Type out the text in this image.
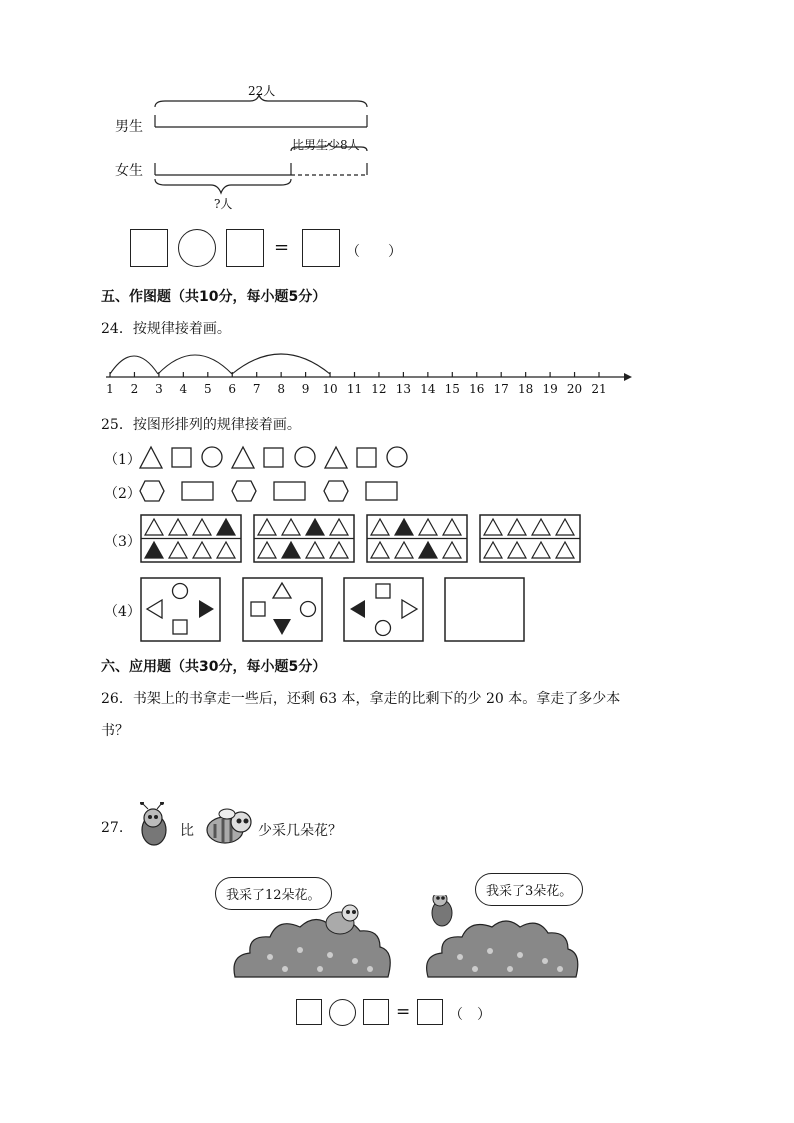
男生
女生
22人
比男生少8人
?人
=	（　　）
五、作图题（共10分，每小题5分）
24．按规律接着画。
1 2 3 4 5 6 7 8 9 10 11 12 13 14 15 16 17 18 19 20 21
25．按图形排列的规律接着画。
（1）
（2）
（3）
（4）
六、应用题（共30分，每小题5分）
26．书架上的书拿走一些后，还剩 63 本，拿走的比剩下的少 20 本。拿走了多少本
书？
27.	比	少采几朵花？
我采了12朵花。	我采了3朵花。
=	（　）
